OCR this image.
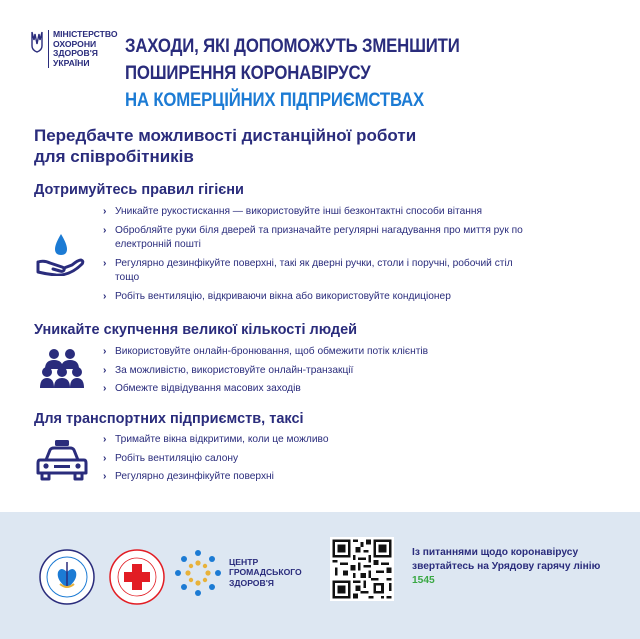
МІНІСТЕРСТВО
ОХОРОНИ
ЗДОРОВ'Я
УКРАЇНИ
ЗАХОДИ, ЯКІ ДОПОМОЖУТЬ ЗМЕНШИТИ
ПОШИРЕННЯ КОРОНАВІРУСУ
НА КОМЕРЦІЙНИХ ПІДПРИЄМСТВАХ
Передбачте можливості дистанційної роботи
для співробітників
Дотримуйтесь правил гігієни
› Уникайте рукостискання — використовуйте інші безконтактні способи вітання
› Обробляйте руки біля дверей та призначайте регулярні нагадування про миття рук по електронній пошті
› Регулярно дезинфікуйте поверхні, такі як дверні ручки, столи і поручні, робочий стіл тощо
› Робіть вентиляцію, відкриваючи вікна або використовуйте кондиціонер
Уникайте скупчення великої кількості людей
› Використовуйте онлайн-бронювання, щоб обмежити потік клієнтів
› За можливістю, використовуйте онлайн-транзакції
› Обмежте відвідування масових заходів
Для транспортних підприємств, таксі
› Тримайте вікна відкритими, коли це можливо
› Робіть вентиляцію салону
› Регулярно дезинфікуйте поверхні
ЦЕНТР
ГРОМАДСЬКОГО
ЗДОРОВ'Я
Із питаннями щодо коронавірусу
звертайтесь на Урядову гарячу лінію
1545
